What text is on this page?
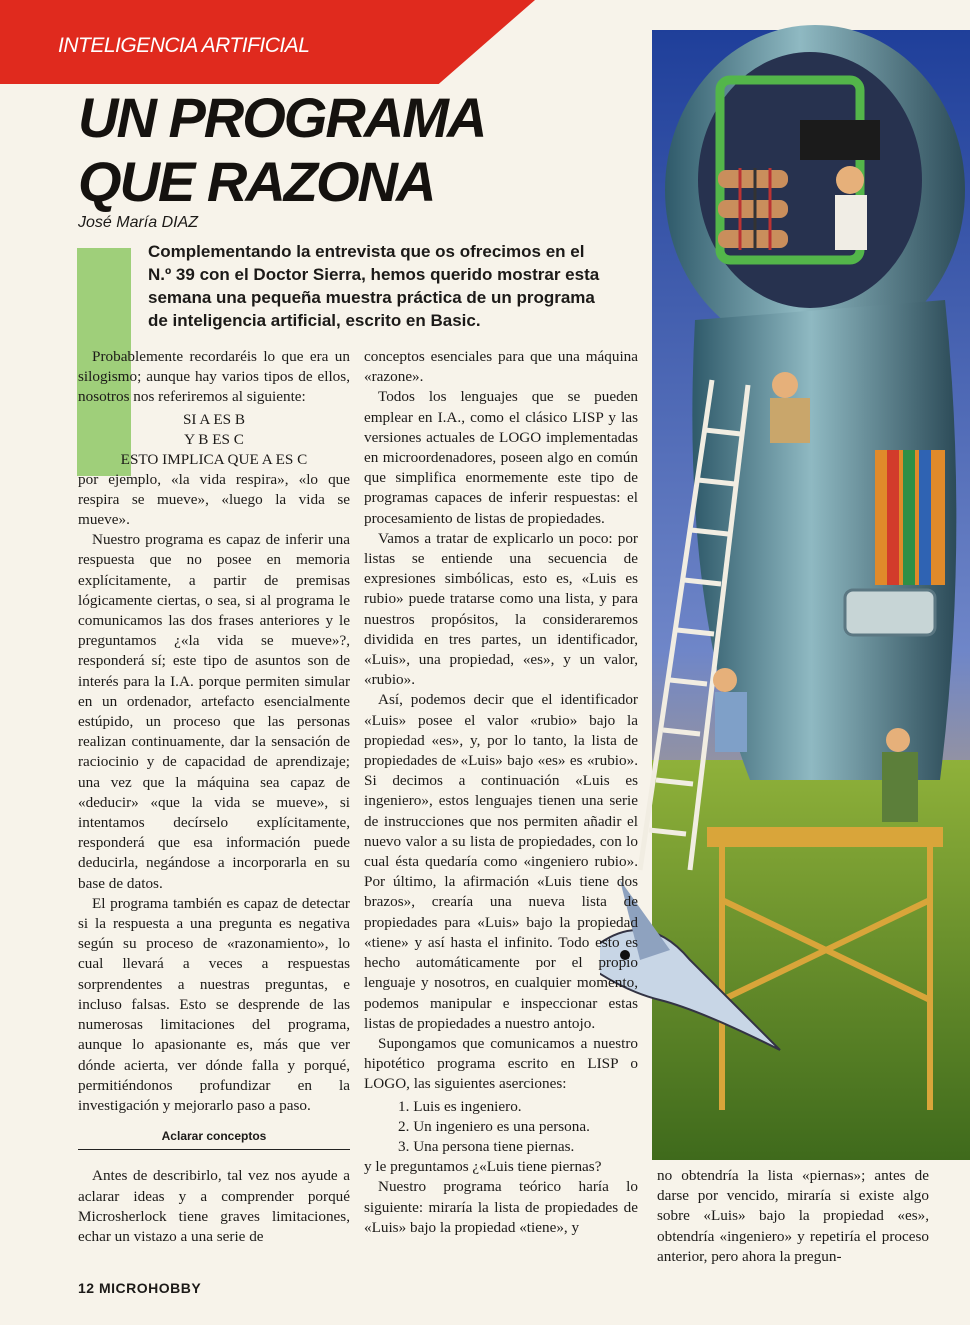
INTELIGENCIA ARTIFICIAL
UN PROGRAMA
QUE RAZONA
José María DIAZ
Complementando la entrevista que os ofrecimos en el
N.º 39 con el Doctor Sierra, hemos querido mostrar esta
semana una pequeña muestra práctica de un programa
de inteligencia artificial, escrito en Basic.

Probablemente recordaréis lo que era un silogismo; aunque hay varios tipos de ellos, nosotros nos referiremos al siguiente:

SI A ES B
Y B ES C
ESTO IMPLICA QUE A ES C

por ejemplo, «la vida respira», «lo que respira se mueve», «luego la vida se mueve».

Nuestro programa es capaz de inferir una respuesta que no posee en memoria explícitamente, a partir de premisas lógicamente ciertas, o sea, si al programa le comunicamos las dos frases anteriores y le preguntamos ¿«la vida se mueve»?, responderá sí; este tipo de asuntos son de interés para la I.A. porque permiten simular en un ordenador, artefacto esencialmente estúpido, un proceso que las personas realizan continuamente, dar la sensación de raciocinio y de capacidad de aprendizaje; una vez que la máquina sea capaz de «deducir» «que la vida se mueve», si intentamos decírselo explícitamente, responderá que esa información puede deducirla, negándose a incorporarla en su base de datos.

El programa también es capaz de detectar si la respuesta a una pregunta es negativa según su proceso de «razonamiento», lo cual llevará a veces a respuestas sorprendentes a nuestras preguntas, e incluso falsas. Esto se desprende de las numerosas limitaciones del programa, aunque lo apasionante es, más que ver dónde acierta, ver dónde falla y porqué, permitiéndonos profundizar en la investigación y mejorarlo paso a paso.

Aclarar conceptos

Antes de describirlo, tal vez nos ayude a aclarar ideas y a comprender porqué Microsherlock tiene graves limitaciones, echar un vistazo a una serie de

conceptos esenciales para que una máquina «razone».

Todos los lenguajes que se pueden emplear en I.A., como el clásico LISP y las versiones actuales de LOGO implementadas en microordenadores, poseen algo en común que simplifica enormemente este tipo de programas capaces de inferir respuestas: el procesamiento de listas de propiedades.

Vamos a tratar de explicarlo un poco: por listas se entiende una secuencia de expresiones simbólicas, esto es, «Luis es rubio» puede tratarse como una lista, y para nuestros propósitos, la consideraremos dividida en tres partes, un identificador, «Luis», una propiedad, «es», y un valor, «rubio».

Así, podemos decir que el identificador «Luis» posee el valor «rubio» bajo la propiedad «es», y, por lo tanto, la lista de propiedades de «Luis» bajo «es» es «rubio». Si decimos a continuación «Luis es ingeniero», estos lenguajes tienen una serie de instrucciones que nos permiten añadir el nuevo valor a su lista de propiedades, con lo cual ésta quedaría como «ingeniero rubio». Por último, la afirmación «Luis tiene dos brazos», crearía una nueva lista de propiedades para «Luis» bajo la propiedad «tiene» y así hasta el infinito. Todo esto es hecho automáticamente por el propio lenguaje y nosotros, en cualquier momento, podemos manipular e inspeccionar estas listas de propiedades a nuestro antojo.

Supongamos que comunicamos a nuestro hipotético programa escrito en LISP o LOGO, las siguientes aserciones:

1. Luis es ingeniero.
2. Un ingeniero es una persona.
3. Una persona tiene piernas.

y le preguntamos ¿«Luis tiene piernas?

Nuestro programa teórico haría lo siguiente: miraría la lista de propiedades de «Luis» bajo la propiedad «tiene», y

no obtendría la lista «piernas»; antes de darse por vencido, miraría si existe algo sobre «Luis» bajo la propiedad «es», obtendría «ingeniero» y repetiría el proceso anterior, pero ahora la pregun-

12 MICROHOBBY
